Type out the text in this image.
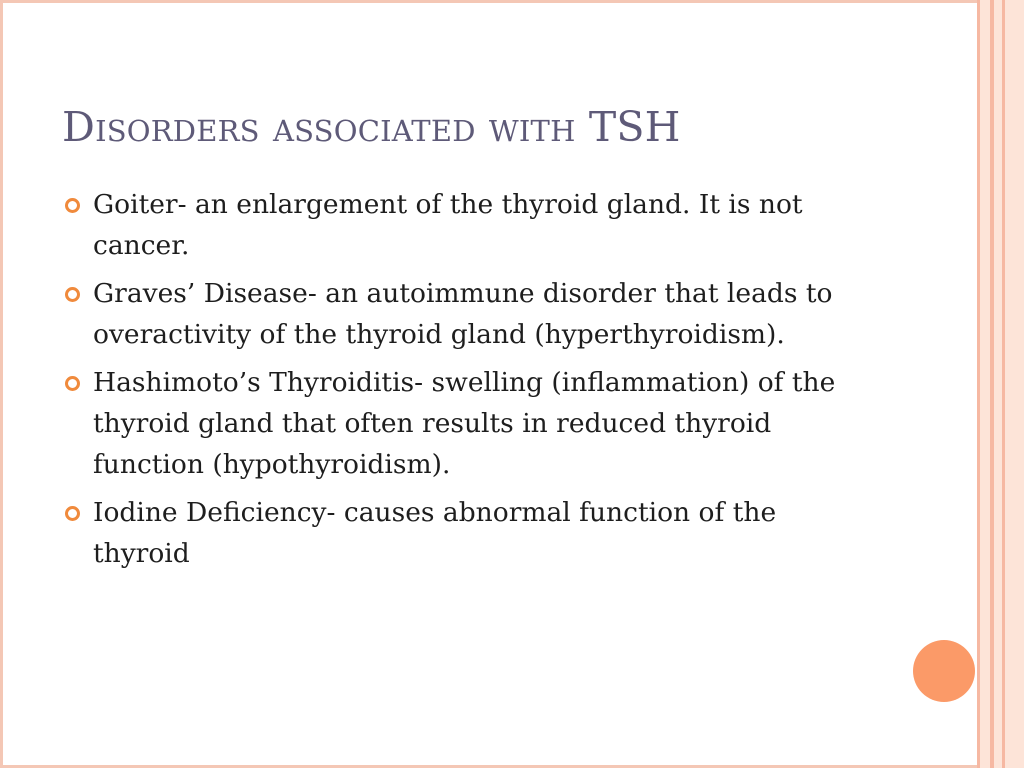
Disorders associated with TSH
Goiter- an enlargement of the thyroid gland. It is not cancer.
Graves’ Disease- an autoimmune disorder that leads to overactivity of the thyroid gland (hyperthyroidism).
Hashimoto’s Thyroiditis- swelling (inflammation) of the thyroid gland that often results in reduced thyroid function (hypothyroidism).
Iodine Deficiency- causes abnormal function of the thyroid
